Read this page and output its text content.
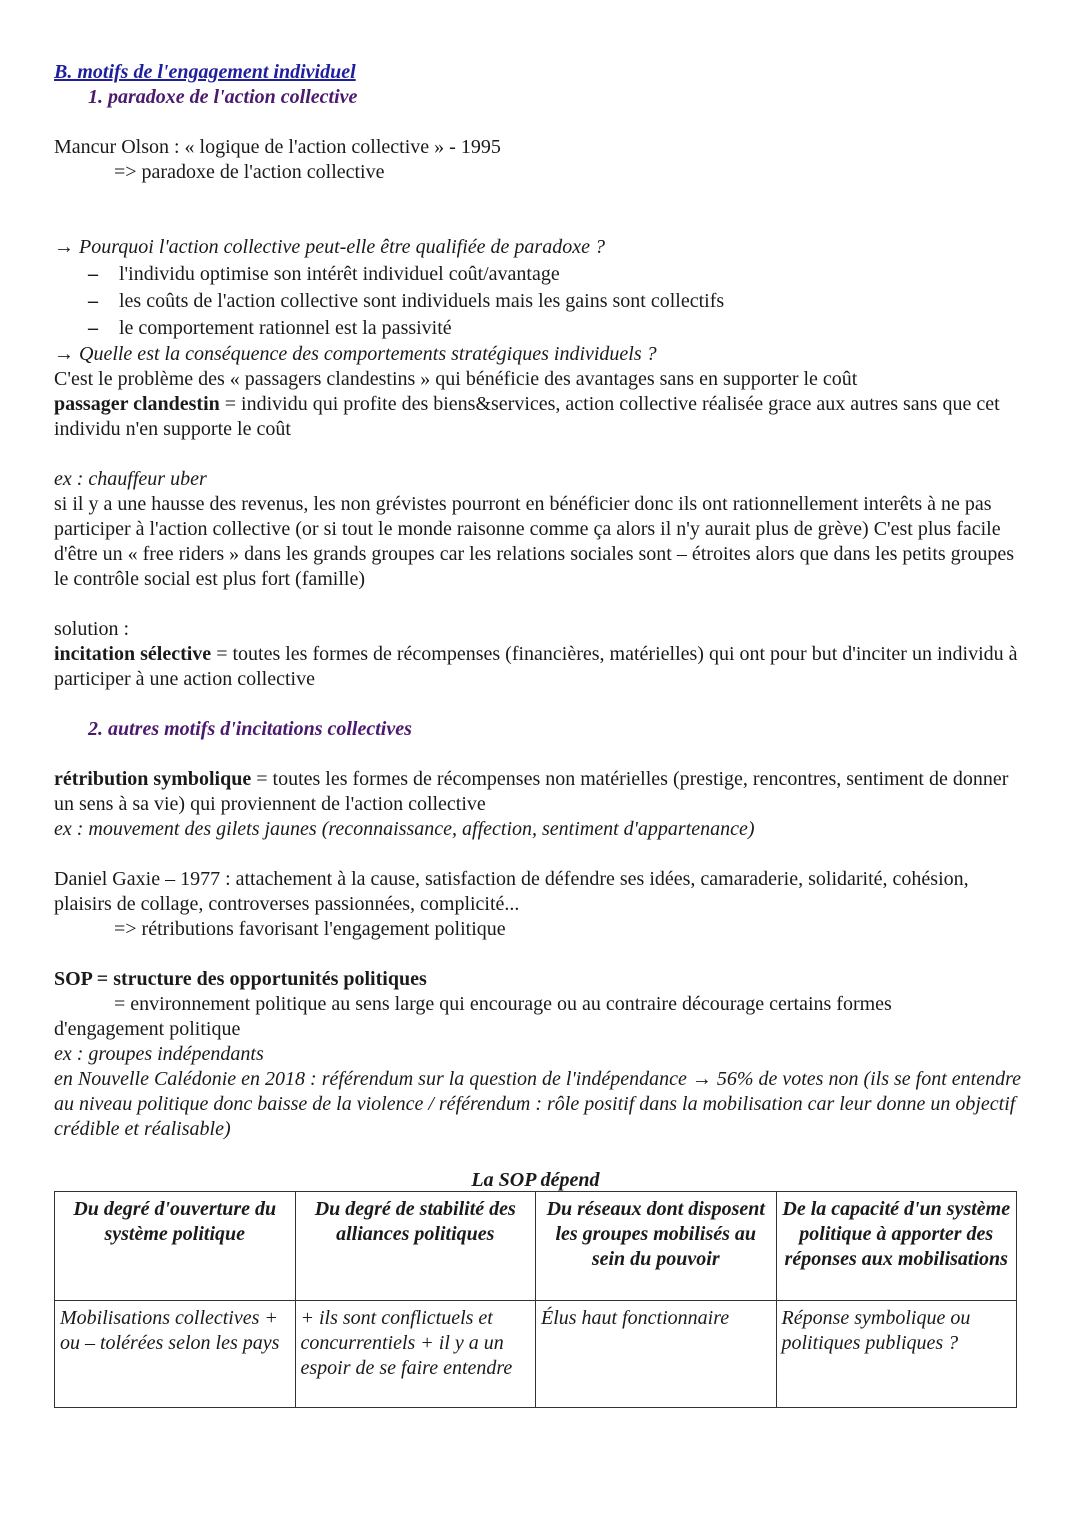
B. motifs de l'engagement individuel
1. paradoxe de l'action collective
Mancur Olson : « logique de l'action collective » - 1995
=> paradoxe de l'action collective
→ Pourquoi l'action collective peut-elle être qualifiée de paradoxe ?
– l'individu optimise son intérêt individuel coût/avantage
– les coûts de l'action collective sont individuels mais les gains sont collectifs
– le comportement rationnel est la passivité
→ Quelle est la conséquence des comportements stratégiques individuels ?
C'est le problème des « passagers clandestins » qui bénéficie des avantages sans en supporter le coût
passager clandestin = individu qui profite des biens&services, action collective réalisée grace aux autres sans que cet individu n'en supporte le coût
ex : chauffeur uber
si il y a une hausse des revenus, les non grévistes pourront en bénéficier donc ils ont rationnellement interêts à ne pas participer à l'action collective (or si tout le monde raisonne comme ça alors il n'y aurait plus de grève) C'est plus facile d'être un « free riders » dans les grands groupes car les relations sociales sont – étroites alors que dans les petits groupes le contrôle social est plus fort (famille)
solution :
incitation sélective = toutes les formes de récompenses (financières, matérielles) qui ont pour but d'inciter un individu à participer à une action collective
2. autres motifs d'incitations collectives
rétribution symbolique = toutes les formes de récompenses non matérielles (prestige, rencontres, sentiment de donner un sens à sa vie) qui proviennent de l'action collective
ex : mouvement des gilets jaunes (reconnaissance, affection, sentiment d'appartenance)
Daniel Gaxie – 1977 : attachement à la cause, satisfaction de défendre ses idées, camaraderie, solidarité, cohésion, plaisirs de collage, controverses passionnées, complicité...
=> rétributions favorisant l'engagement politique
SOP = structure des opportunités politiques
= environnement politique au sens large qui encourage ou au contraire décourage certains formes
d'engagement politique
ex : groupes indépendants
en Nouvelle Calédonie en 2018 : référendum sur la question de l'indépendance → 56% de votes non (ils se font entendre au niveau politique donc baisse de la violence / référendum : rôle positif dans la mobilisation car leur donne un objectif crédible et réalisable)
La SOP dépend
Du degré d'ouverture du système politique	Du degré de stabilité des alliances politiques	Du réseaux dont disposent les groupes mobilisés au sein du pouvoir	De la capacité d'un système politique à apporter des réponses aux mobilisations
Mobilisations collectives + ou – tolérées selon les pays	+ ils sont conflictuels et concurrentiels + il y a un espoir de se faire entendre	Élus haut fonctionnaire	Réponse symbolique ou politiques publiques ?
